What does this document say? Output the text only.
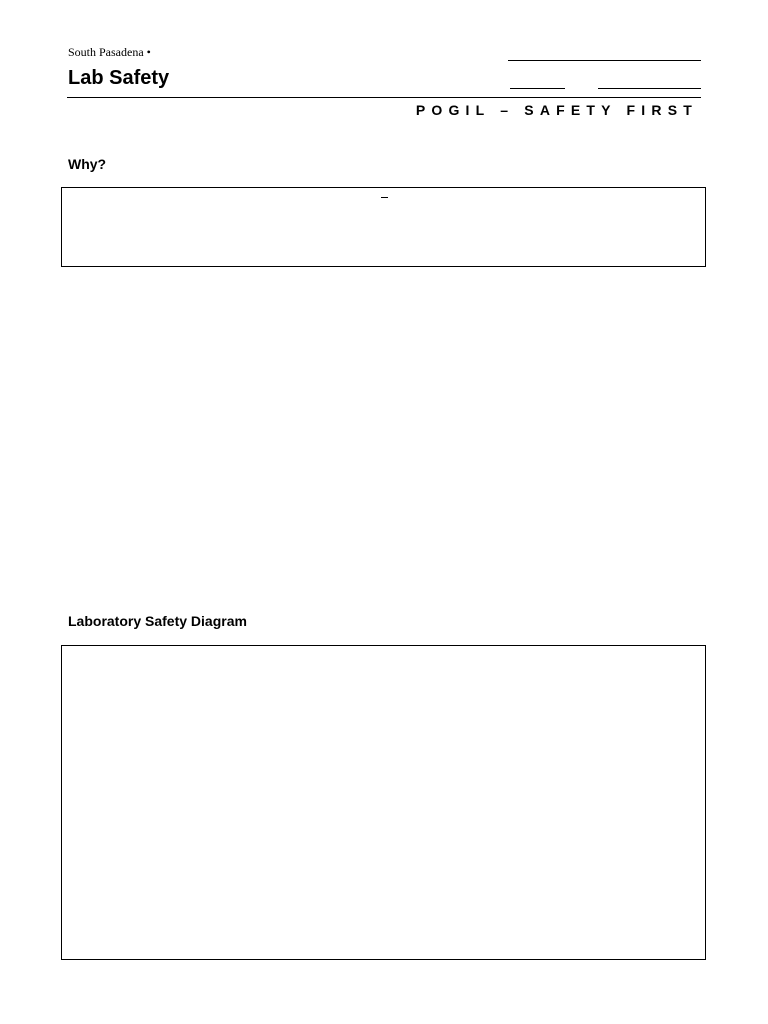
South Pasadena •
Lab Safety
POGIL – SAFETY FIRST
Why?
Laboratory Safety Diagram
